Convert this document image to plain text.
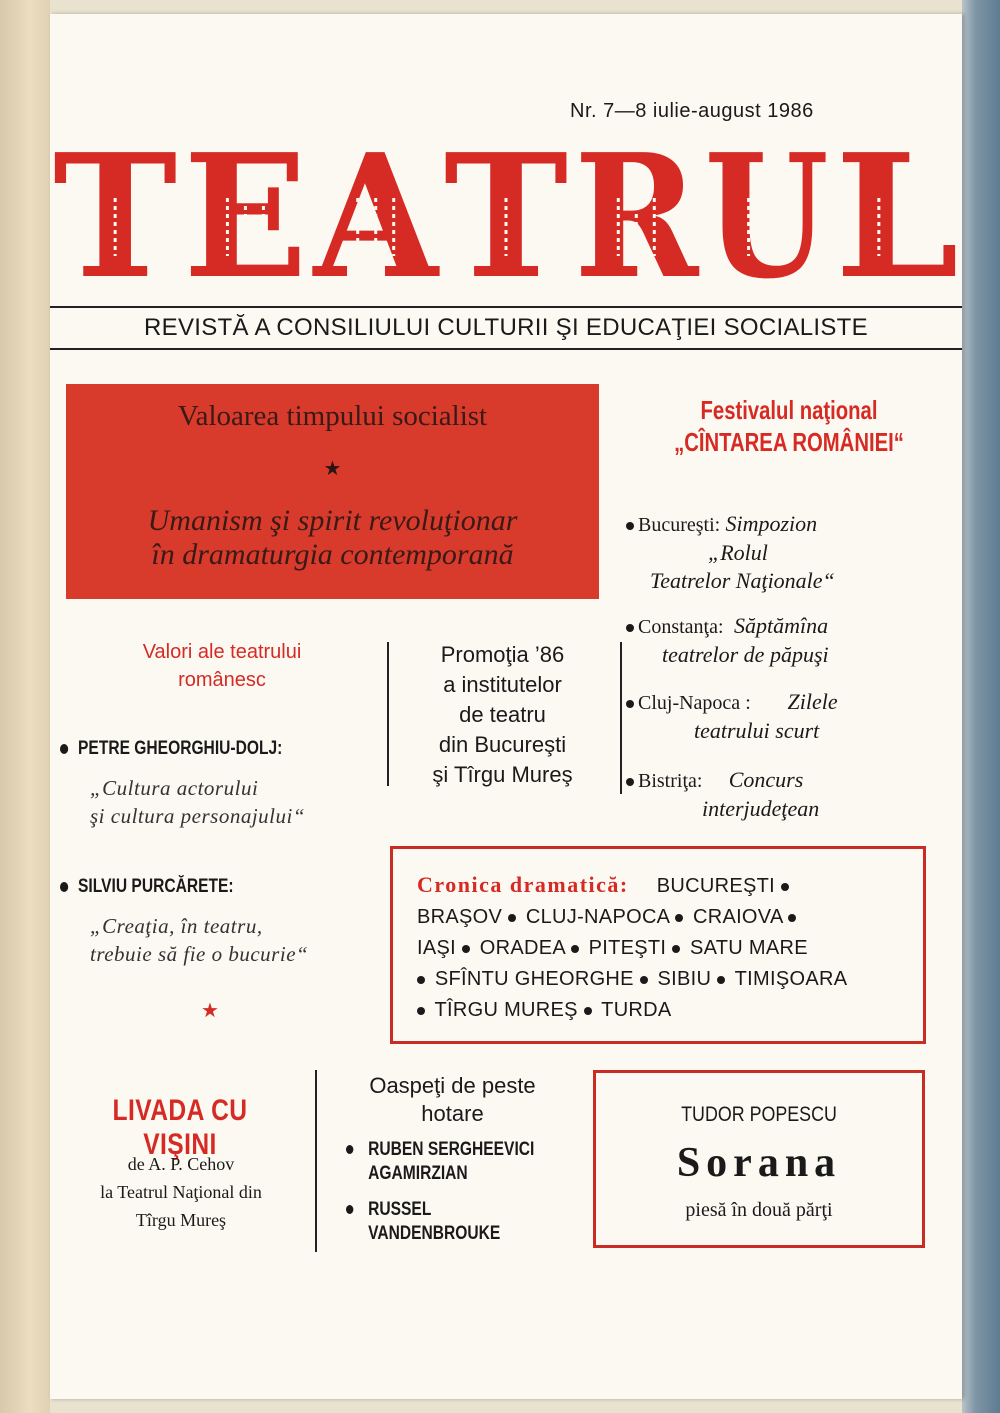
Nr. 7—8 iulie-august 1986
T E A T R U L
REVISTĂ A CONSILIULUI CULTURII ŞI EDUCAŢIEI SOCIALISTE
Valoarea timpului socialist
★
Umanism şi spirit revoluţionar
în dramaturgia contemporană
Festivalul naţional
„CÎNTAREA ROMÂNIEI“
Bucureşti: Simpozion
„Rolul
Teatrelor Naţionale“
Constanţa: Săptămîna
teatrelor de păpuşi
Cluj-Napoca : Zilele
teatrului scurt
Bistriţa: Concurs
interjudeţean
Valori ale teatrului
românesc
PETRE GHEORGHIU-DOLJ:
„Cultura actorului
şi cultura personajului“
SILVIU PURCĂRETE:
„Creaţia, în teatru,
trebuie să fie o bucurie“
★
Promoţia ’86
a institutelor
de teatru
din Bucureşti
şi Tîrgu Mureş
Cronica dramatică: BUCUREŞTI
BRAŞOV CLUJ-NAPOCA CRAIOVA
IAŞI ORADEA PITEŞTI SATU MARE
SFÎNTU GHEORGHE SIBIU TIMIŞOARA
TÎRGU MUREŞ TURDA
LIVADA CU VIŞINI
de A. P. Cehov
la Teatrul Naţional din
Tîrgu Mureş
Oaspeţi de peste
hotare
RUBEN SERGHEEVICI
AGAMIRZIAN
RUSSEL
VANDENBROUKE
TUDOR POPESCU
Sorana
piesă în două părţi
